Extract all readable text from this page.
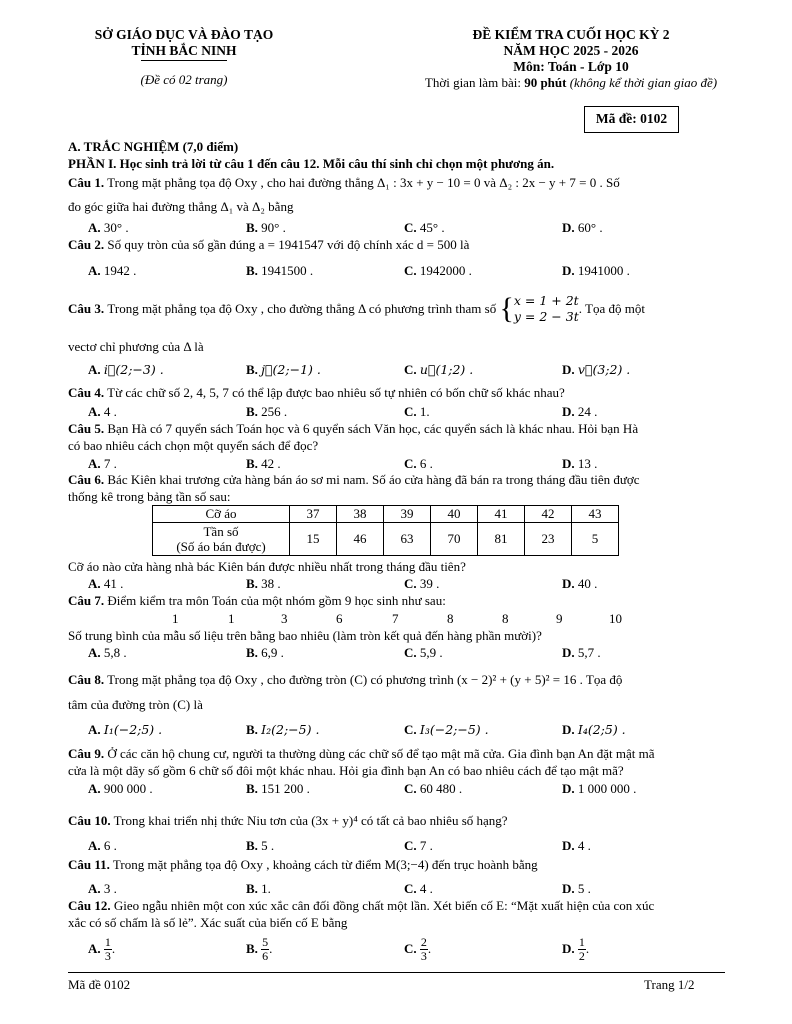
SỞ GIÁO DỤC VÀ ĐÀO TẠO
TỈNH BẮC NINH
(Đề có 02 trang)
ĐỀ KIỂM TRA CUỐI HỌC KỲ 2
NĂM HỌC 2025 - 2026
Môn: Toán - Lớp 10
Thời gian làm bài: 90 phút (không kể thời gian giao đề)
Mã đề: 0102
A. TRẮC NGHIỆM (7,0 điểm)
PHẦN I. Học sinh trả lời từ câu 1 đến câu 12. Mỗi câu thí sinh chỉ chọn một phương án.
Câu 1. Trong mặt phẳng tọa độ Oxy , cho hai đường thẳng Δ₁ : 3x + y − 10 = 0 và Δ₂ : 2x − y + 7 = 0 . Số
đo góc giữa hai đường thẳng Δ₁ và Δ₂ bằng
A. 30° .	B. 90° .	C. 45° .	D. 60° .
Câu 2. Số quy tròn của số gần đúng a = 1941547 với độ chính xác d = 500 là
A. 1942 .	B. 1941500 .	C. 1942000 .	D. 1941000 .
Câu 3.
Trong mặt phẳng tọa độ Oxy , cho đường thẳng Δ có phương trình tham số
{ x = 1 + 2t
y = 2 − 3t
. Tọa độ một
vectơ chỉ phương của Δ là
A. i⃗(2;−3) .	B. j⃗(2;−1) .	C. u⃗(1;2) .	D. v⃗(3;2) .
Câu 4. Từ các chữ số 2, 4, 5, 7 có thể lập được bao nhiêu số tự nhiên có bốn chữ số khác nhau?
A. 4 .	B. 256 .	C. 1.	D. 24 .
Câu 5. Bạn Hà có 7 quyển sách Toán học và 6 quyển sách Văn học, các quyển sách là khác nhau. Hỏi bạn Hà
có bao nhiêu cách chọn một quyển sách để đọc?
A. 7 .	B. 42 .	C. 6 .	D. 13 .
Câu 6. Bác Kiên khai trương cửa hàng bán áo sơ mi nam. Số áo cửa hàng đã bán ra trong tháng đầu tiên được
thống kê trong bảng tần số sau:
Cỡ áo	37	38	39	40	41	42	43
Tần số
(Số áo bán được)	15	46	63	70	81	23	5
Cỡ áo nào cửa hàng nhà bác Kiên bán được nhiều nhất trong tháng đầu tiên?
A. 41 .	B. 38 .	C. 39 .	D. 40 .
Câu 7. Điểm kiểm tra môn Toán của một nhóm gồm 9 học sinh như sau:
1	1	3	6	7	8	8	9	10
Số trung bình của mẫu số liệu trên bằng bao nhiêu (làm tròn kết quả đến hàng phần mười)?
A. 5,8 .	B. 6,9 .	C. 5,9 .	D. 5,7 .
Câu 8. Trong mặt phẳng tọa độ Oxy , cho đường tròn (C) có phương trình (x − 2)² + (y + 5)² = 16 . Tọa độ
tâm của đường tròn (C) là
A. I₁(−2;5) .	B. I₂(2;−5) .	C. I₃(−2;−5) .	D. I₄(2;5) .
Câu 9. Ở các căn hộ chung cư, người ta thường dùng các chữ số để tạo mật mã cửa. Gia đình bạn An đặt mật mã
cửa là một dãy số gồm 6 chữ số đôi một khác nhau. Hỏi gia đình bạn An có bao nhiêu cách để tạo mật mã?
A. 900 000 .	B. 151 200 .	C. 60 480 .	D. 1 000 000 .
Câu 10. Trong khai triển nhị thức Niu tơn của (3x + y)⁴ có tất cả bao nhiêu số hạng?
A. 6 .	B. 5 .	C. 7 .	D. 4 .
Câu 11. Trong mặt phẳng tọa độ Oxy , khoảng cách từ điểm M(3;−4) đến trục hoành bằng
A. 3 .	B. 1.	C. 4 .	D. 5 .
Câu 12. Gieo ngẫu nhiên một con xúc xắc cân đối đồng chất một lần. Xét biến cố E: “Mặt xuất hiện của con xúc
xắc có số chấm là số lẻ”. Xác suất của biến cố E bằng
A.
$\frac{1}{3}$ .	B.
$\frac{5}{6}$ .	C.
$\frac{2}{3}$ .	D.
$\frac{1}{2}$ .
Mã đề 0102	Trang 1/2
